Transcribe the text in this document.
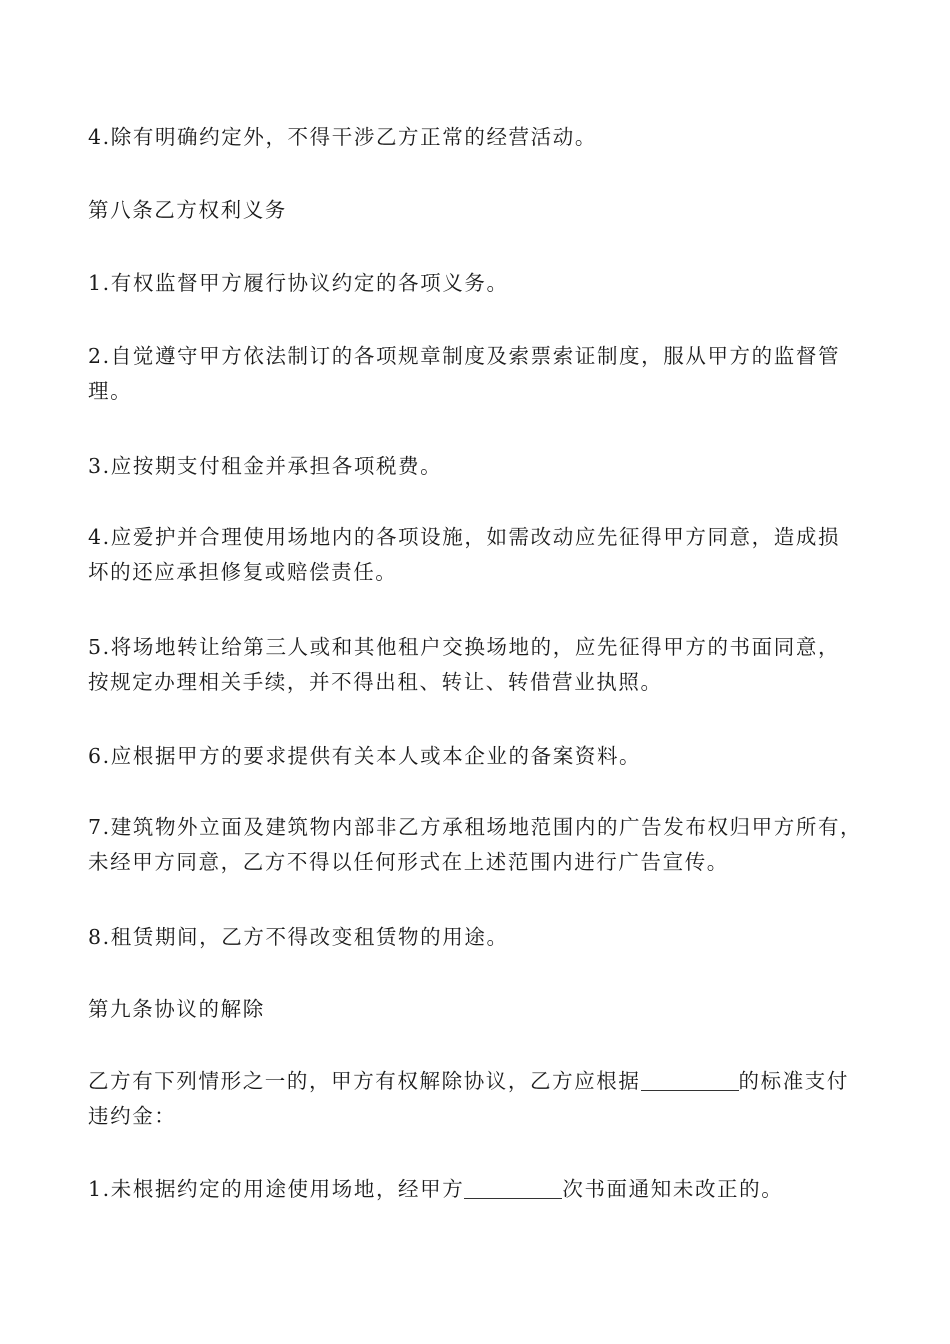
4.除有明确约定外，不得干涉乙方正常的经营活动。

第八条乙方权利义务

1.有权监督甲方履行协议约定的各项义务。

2.自觉遵守甲方依法制订的各项规章制度及索票索证制度，服从甲方的监督管
理。

3.应按期支付租金并承担各项税费。

4.应爱护并合理使用场地内的各项设施，如需改动应先征得甲方同意，造成损
坏的还应承担修复或赔偿责任。

5.将场地转让给第三人或和其他租户交换场地的，应先征得甲方的书面同意，
按规定办理相关手续，并不得出租、转让、转借营业执照。

6.应根据甲方的要求提供有关本人或本企业的备案资料。

7.建筑物外立面及建筑物内部非乙方承租场地范围内的广告发布权归甲方所有，
未经甲方同意，乙方不得以任何形式在上述范围内进行广告宣传。

8.租赁期间，乙方不得改变租赁物的用途。

第九条协议的解除

乙方有下列情形之一的，甲方有权解除协议，乙方应根据	的标准支付
违约金：

1.未根据约定的用途使用场地，经甲方	次书面通知未改正的。
